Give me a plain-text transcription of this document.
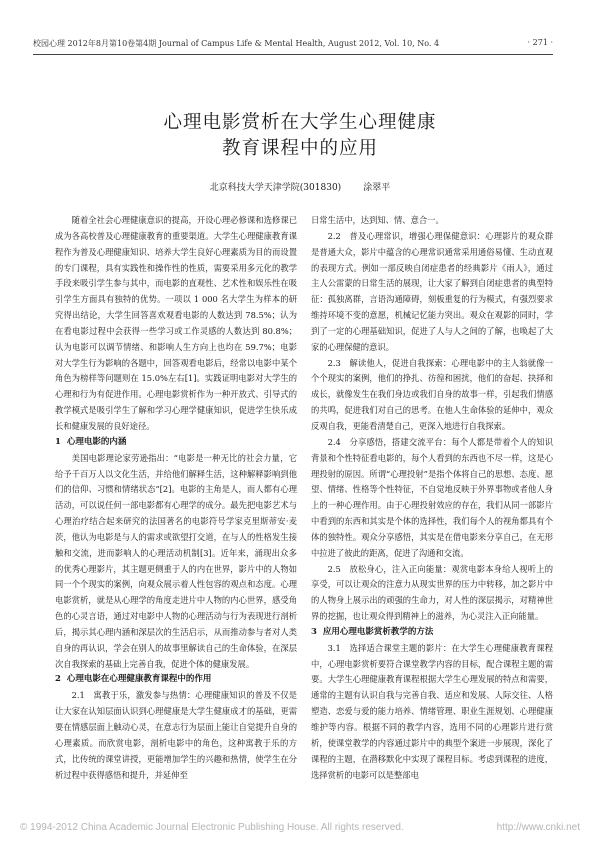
校园心理 2012年8月第10卷第4期 Journal of Campus Life & Mental Health, August 2012, Vol. 10, No. 4	· 271 ·
心理电影赏析在大学生心理健康
教育课程中的应用
北京科技大学天津学院(301830) 涂翠平

随着全社会心理健康意识的提高，开设心理必修课和选修课已成为各高校普及心理健康教育的重要渠道。大学生心理健康教育课程作为普及心理健康知识、培养大学生良好心理素质为目的而设置的专门课程，具有实践性和操作性的性质，需要采用多元化的教学手段来吸引学生参与其中，而电影的直观性、艺术性和娱乐性在吸引学生方面具有独特的优势。一项以 1 000 名大学生为样本的研究得出结论，大学生回答喜欢观看电影的人数达到 78.5%；认为在看电影过程中会获得一些学习或工作灵感的人数达到 80.8%；认为电影可以调节情绪、和影响人生方向上也均在 59.7%；电影对大学生行为影响的各题中，回答观看电影后，经常以电影中某个角色为榜样等问题则在 15.0%左右[1]。实践证明电影对大学生的心理和行为有促进作用。心理电影赏析作为一种开放式、引导式的教学模式是吸引学生了解和学习心理学健康知识，促进学生快乐成长和健康发展的良好途径。

1 心理电影的内涵

美国电影理论家劳逊指出：“电影是一种无比的社会力量，它给予千百万人以文化生活，并给他们解释生活，这种解释影响到他们的信仰、习惯和情绪状态”[2]。电影的主角是人，而人都有心理活动，可以说任何一部电影都有心理学的成分。最先把电影艺术与心理治疗结合起来研究的法国著名的电影符号学家克里斯蒂安·麦茨，他认为电影是与人的需求或欲望打交道，在与人的性格发生接触和交流，进而影响人的心理活动机制[3]。近年来，涌现出众多的优秀心理影片，其主题更侧重于人的内在世界，影片中的人物如同一个个现实的案例，向观众展示着人性包容的观点和态度。心理电影赏析，就是从心理学的角度走进片中人物的内心世界，感受角色的心灵言语，通过对电影中人物的心理活动与行为表现进行剖析后，揭示其心理内涵和深层次的生活启示，从而推动参与者对人类自身的再认识，学会在别人的故事里解读自己的生命体验，在深层次自我探索的基础上完善自我，促进个体的健康发展。

2 心理电影在心理健康教育课程中的作用

2.1　寓教于乐，激发参与热情：心理健康知识的普及不仅是让大家在认知层面认识到心理健康是大学生健康成才的基础，更需要在情感层面上触动心灵，在意志行为层面上能让自觉提升自身的心理素质。而欣赏电影，剖析电影中的角色，这种寓教于乐的方式，比传统的课堂讲授，更能增加学生的兴趣和热情，使学生在分析过程中获得感悟和提升，并延伸至

日常生活中，达到知、情、意合一。

2.2　普及心理常识，增强心理保健意识：心理影片的观众群是普通大众，影片中蕴含的心理常识通常采用通俗易懂、生动直观的表现方式。例如一部反映自闭症患者的经典影片《雨人》，通过主人公雷蒙的日常生活的展现，让大家了解到自闭症患者的典型特征：孤独离群，言语沟通障碍，刻板重复的行为模式，有强烈要求维持环境不变的意愿，机械记忆能力突出。观众在观影的同时，学到了一定的心理基础知识，促进了人与人之间的了解，也唤起了大家的心理保健的意识。

2.3　解读他人，促进自我探索：心理电影中的主人翁就像一个个现实的案例，他们的挣扎、彷徨和困扰，他们的奋起、抉择和成长，就像发生在我们身边或我们自身的故事一样，引起我们情感的共鸣，促进我们对自己的思考。在他人生命体验的延伸中，观众反观自我，更能看清楚自己，更深入地进行自我探索。

2.4　分享感悟，搭建交流平台：每个人都是带着个人的知识背景和个性特征看电影的，每个人看到的东西也不尽一样，这是心理投射的原因。所谓“心理投射”是指个体将自己的思想、态度、愿望、情绪、性格等个性特征，不自觉地反映于外界事物或者他人身上的一种心理作用。由于心理投射效应的存在，我们从同一部影片中看到的东西和其实是个体的选择性，我们每个人的视角都具有个体的独特性。观众分享感悟，其实是在借电影来分享自己，在无形中拉进了彼此的距离，促进了沟通和交流。

2.5　放松身心，注入正向能量：观赏电影本身给人视听上的享受，可以让观众的注意力从现实世界的压力中转移，加之影片中的人物身上展示出的顽强的生命力，对人性的深层揭示，对精神世界的挖掘，也让观众得到精神上的滋养，为心灵注入正向能量。

3 应用心理电影赏析教学的方法

3.1　选择适合课堂主题的影片：在大学生心理健康教育课程中，心理电影赏析要符合课堂教学内容的目标，配合课程主题的需要。大学生心理健康教育课程根据大学生心理发展的特点和需要，通常的主题有认识自我与完善自我、适应和发展、人际交往、人格塑造、恋爱与爱的能力培养、情绪管理、职业生涯规划、心理健康维护等内容。根据不同的教学内容，选用不同的心理影片进行赏析，使课堂教学的内容通过影片中的典型个案进一步展现，深化了课程的主题，在潜移默化中实现了课程目标。考虑到课程的进度，选择赏析的电影可以是整部电

© 1994-2012 China Academic Journal Electronic Publishing House. All rights reserved.	http://www.cnki.net
